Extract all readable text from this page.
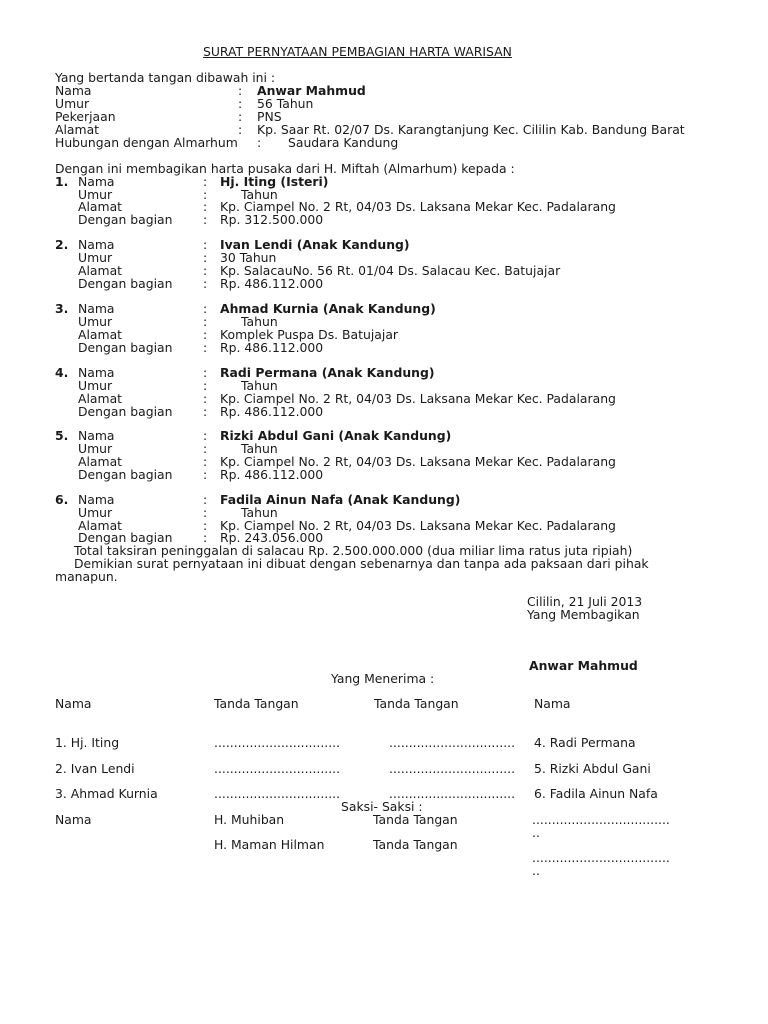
SURAT PERNYATAAN PEMBAGIAN HARTA WARISAN
Yang bertanda tangan dibawah ini :
Nama	: Anwar Mahmud
Umur	: 56 Tahun
Pekerjaan	: PNS
Alamat	: Kp. Saar Rt. 02/07 Ds. Karangtanjung Kec. Cililin Kab. Bandung Barat
Hubungan dengan Almarhum : Saudara Kandung
Dengan ini membagikan harta pusaka dari H. Miftah (Almarhum) kepada :
1. Nama	: Hj. Iting (Isteri)
Umur	:	Tahun
Alamat	: Kp. Ciampel No. 2 Rt, 04/03 Ds. Laksana Mekar Kec. Padalarang
Dengan bagian : Rp. 312.500.000
2. Nama	: Ivan Lendi (Anak Kandung)
Umur	: 30 Tahun
Alamat	: Kp. SalacauNo. 56 Rt. 01/04 Ds. Salacau Kec. Batujajar
Dengan bagian : Rp. 486.112.000
3. Nama	: Ahmad Kurnia (Anak Kandung)
Umur	:	Tahun
Alamat	: Komplek Puspa Ds. Batujajar
Dengan bagian : Rp. 486.112.000
4. Nama	: Radi Permana (Anak Kandung)
Umur	:	Tahun
Alamat	: Kp. Ciampel No. 2 Rt, 04/03 Ds. Laksana Mekar Kec. Padalarang
Dengan bagian : Rp. 486.112.000
5. Nama	: Rizki Abdul Gani (Anak Kandung)
Umur	:	Tahun
Alamat	: Kp. Ciampel No. 2 Rt, 04/03 Ds. Laksana Mekar Kec. Padalarang
Dengan bagian : Rp. 486.112.000
6. Nama	: Fadila Ainun Nafa (Anak Kandung)
Umur	:	Tahun
Alamat	: Kp. Ciampel No. 2 Rt, 04/03 Ds. Laksana Mekar Kec. Padalarang
Dengan bagian : Rp. 243.056.000
Total taksiran peninggalan di salacau Rp. 2.500.000.000 (dua miliar lima ratus juta ripiah)
Demikian surat pernyataan ini dibuat dengan sebenarnya dan tanpa ada paksaan dari pihak
manapun.
Cililin, 21 Juli 2013
Yang Membagikan
Anwar Mahmud
Yang Menerima :
Nama	Tanda Tangan	Tanda Tangan	Nama
1. Hj. Iting	................................	................................ 4. Radi Permana
2. Ivan Lendi	................................	................................ 5. Rizki Abdul Gani
3. Ahmad Kurnia	................................	................................ 6. Fadila Ainun Nafa
Saksi- Saksi :
Nama	H. Muhiban	Tanda Tangan	...................................
..
H. Maman Hilman	Tanda Tangan
...................................
..
